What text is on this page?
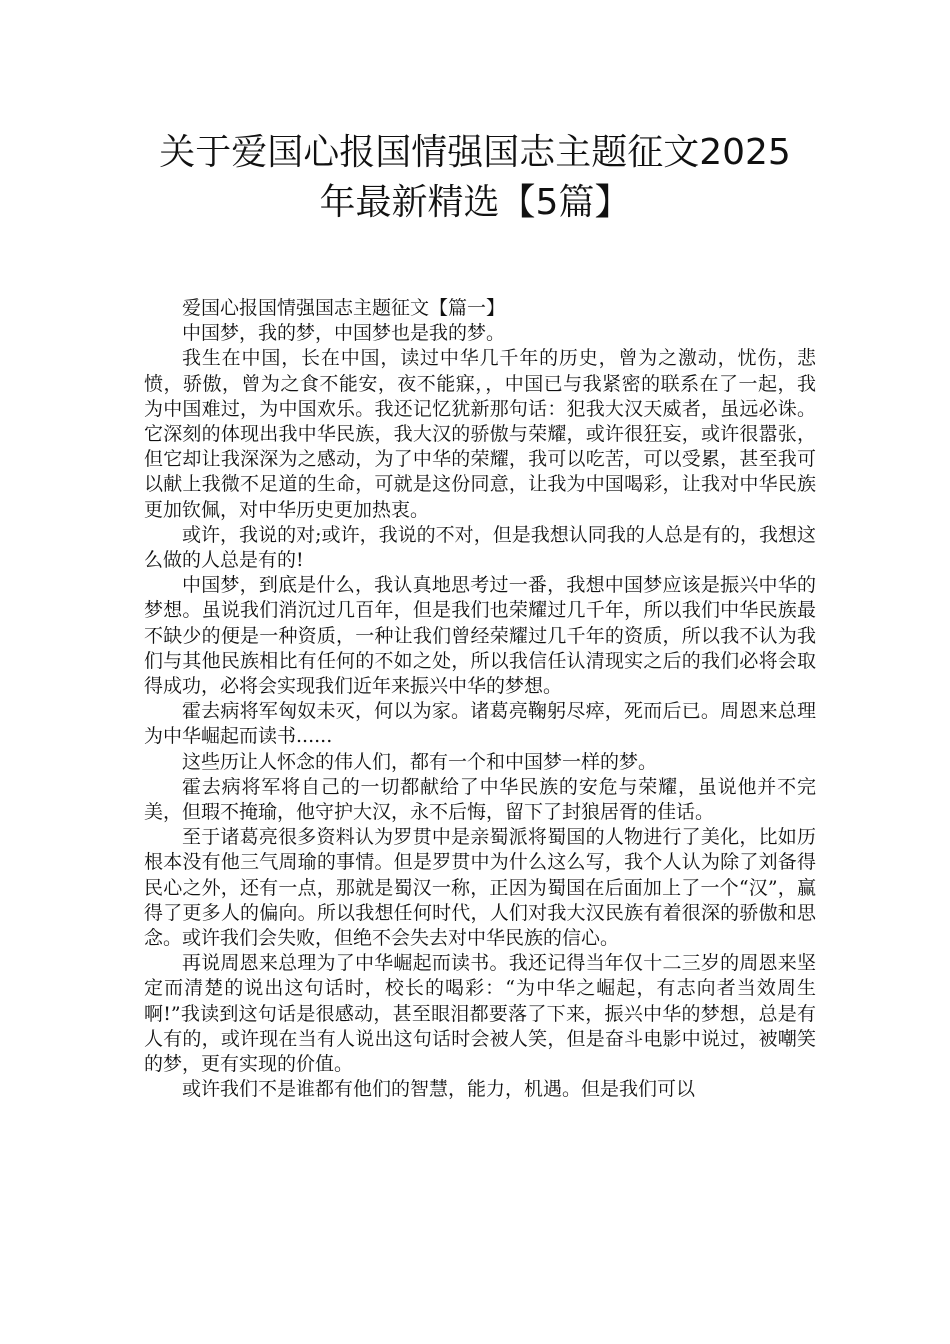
关于爱国心报国情强国志主题征文2025
年最新精选【5篇】

爱国心报国情强国志主题征文【篇一】

中国梦，我的梦，中国梦也是我的梦。

我生在中国，长在中国，读过中华几千年的历史，曾为之激动，忧伤，悲愤，骄傲，曾为之食不能安，夜不能寐，，中国已与我紧密的联系在了一起，我为中国难过，为中国欢乐。我还记忆犹新那句话：犯我大汉天威者，虽远必诛。它深刻的体现出我中华民族，我大汉的骄傲与荣耀，或许很狂妄，或许很嚣张，但它却让我深深为之感动，为了中华的荣耀，我可以吃苦，可以受累，甚至我可以献上我微不足道的生命，可就是这份同意，让我为中国喝彩，让我对中华民族更加钦佩，对中华历史更加热衷。

或许，我说的对;或许，我说的不对，但是我想认同我的人总是有的，我想这么做的人总是有的!

中国梦，到底是什么，我认真地思考过一番，我想中国梦应该是振兴中华的梦想。虽说我们消沉过几百年，但是我们也荣耀过几千年，所以我们中华民族最不缺少的便是一种资质，一种让我们曾经荣耀过几千年的资质，所以我不认为我们与其他民族相比有任何的不如之处，所以我信任认清现实之后的我们必将会取得成功，必将会实现我们近年来振兴中华的梦想。

霍去病将军匈奴未灭，何以为家。诸葛亮鞠躬尽瘁，死而后已。周恩来总理为中华崛起而读书......

这些历让人怀念的伟人们，都有一个和中国梦一样的梦。

霍去病将军将自己的一切都献给了中华民族的安危与荣耀，虽说他并不完美，但瑕不掩瑜，他守护大汉，永不后悔，留下了封狼居胥的佳话。

至于诸葛亮很多资料认为罗贯中是亲蜀派将蜀国的人物进行了美化，比如历根本没有他三气周瑜的事情。但是罗贯中为什么这么写，我个人认为除了刘备得民心之外，还有一点，那就是蜀汉一称，正因为蜀国在后面加上了一个“汉”，赢得了更多人的偏向。所以我想任何时代，人们对我大汉民族有着很深的骄傲和思念。或许我们会失败，但绝不会失去对中华民族的信心。

再说周恩来总理为了中华崛起而读书。我还记得当年仅十二三岁的周恩来坚定而清楚的说出这句话时，校长的喝彩：“为中华之崛起，有志向者当效周生啊!”我读到这句话是很感动，甚至眼泪都要落了下来，振兴中华的梦想，总是有人有的，或许现在当有人说出这句话时会被人笑，但是奋斗电影中说过，被嘲笑的梦，更有实现的价值。

或许我们不是谁都有他们的智慧，能力，机遇。但是我们可以
